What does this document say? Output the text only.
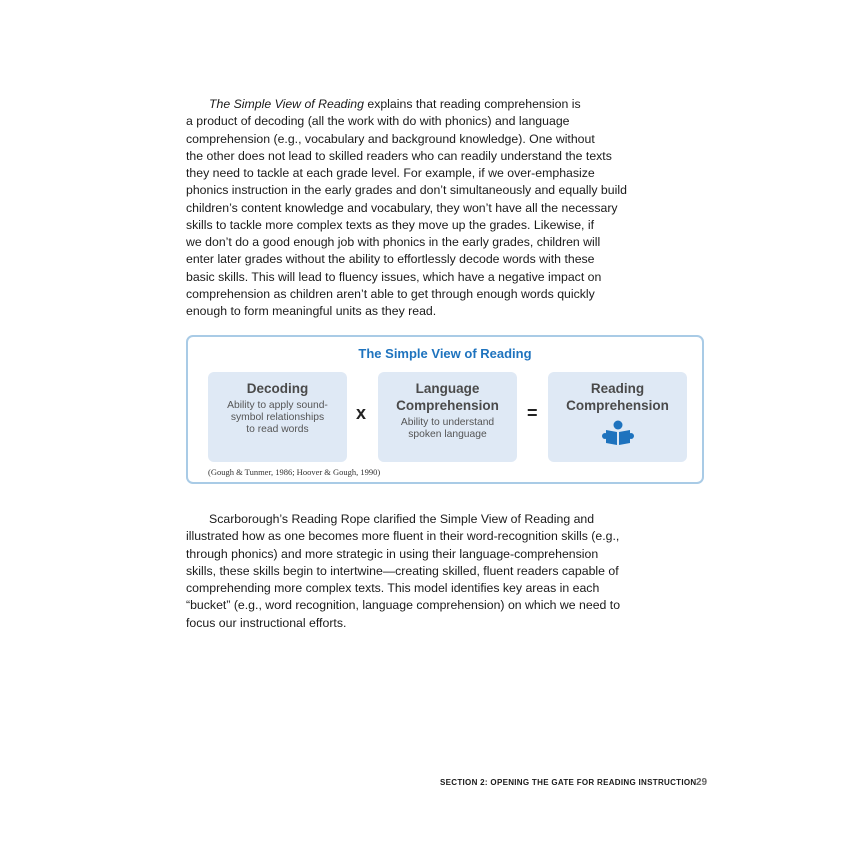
The Simple View of Reading explains that reading comprehension is
a product of decoding (all the work with do with phonics) and language
comprehension (e.g., vocabulary and background knowledge). One without
the other does not lead to skilled readers who can readily understand the texts
they need to tackle at each grade level. For example, if we over-emphasize
phonics instruction in the early grades and don’t simultaneously and equally build
children’s content knowledge and vocabulary, they won’t have all the necessary
skills to tackle more complex texts as they move up the grades. Likewise, if
we don’t do a good enough job with phonics in the early grades, children will
enter later grades without the ability to effortlessly decode words with these
basic skills. This will lead to fluency issues, which have a negative impact on
comprehension as children aren’t able to get through enough words quickly
enough to form meaningful units as they read.

The Simple View of Reading
Decoding
Ability to apply sound-
symbol relationships
to read words
x
Language
Comprehension
Ability to understand
spoken language
=
Reading
Comprehension
(Gough & Tunmer, 1986; Hoover & Gough, 1990)

Scarborough’s Reading Rope clarified the Simple View of Reading and
illustrated how as one becomes more fluent in their word-recognition skills (e.g.,
through phonics) and more strategic in using their language-comprehension
skills, these skills begin to intertwine—creating skilled, fluent readers capable of
comprehending more complex texts. This model identifies key areas in each
“bucket” (e.g., word recognition, language comprehension) on which we need to
focus our instructional efforts.

SECTION 2: OPENING THE GATE FOR READING INSTRUCTION 29
